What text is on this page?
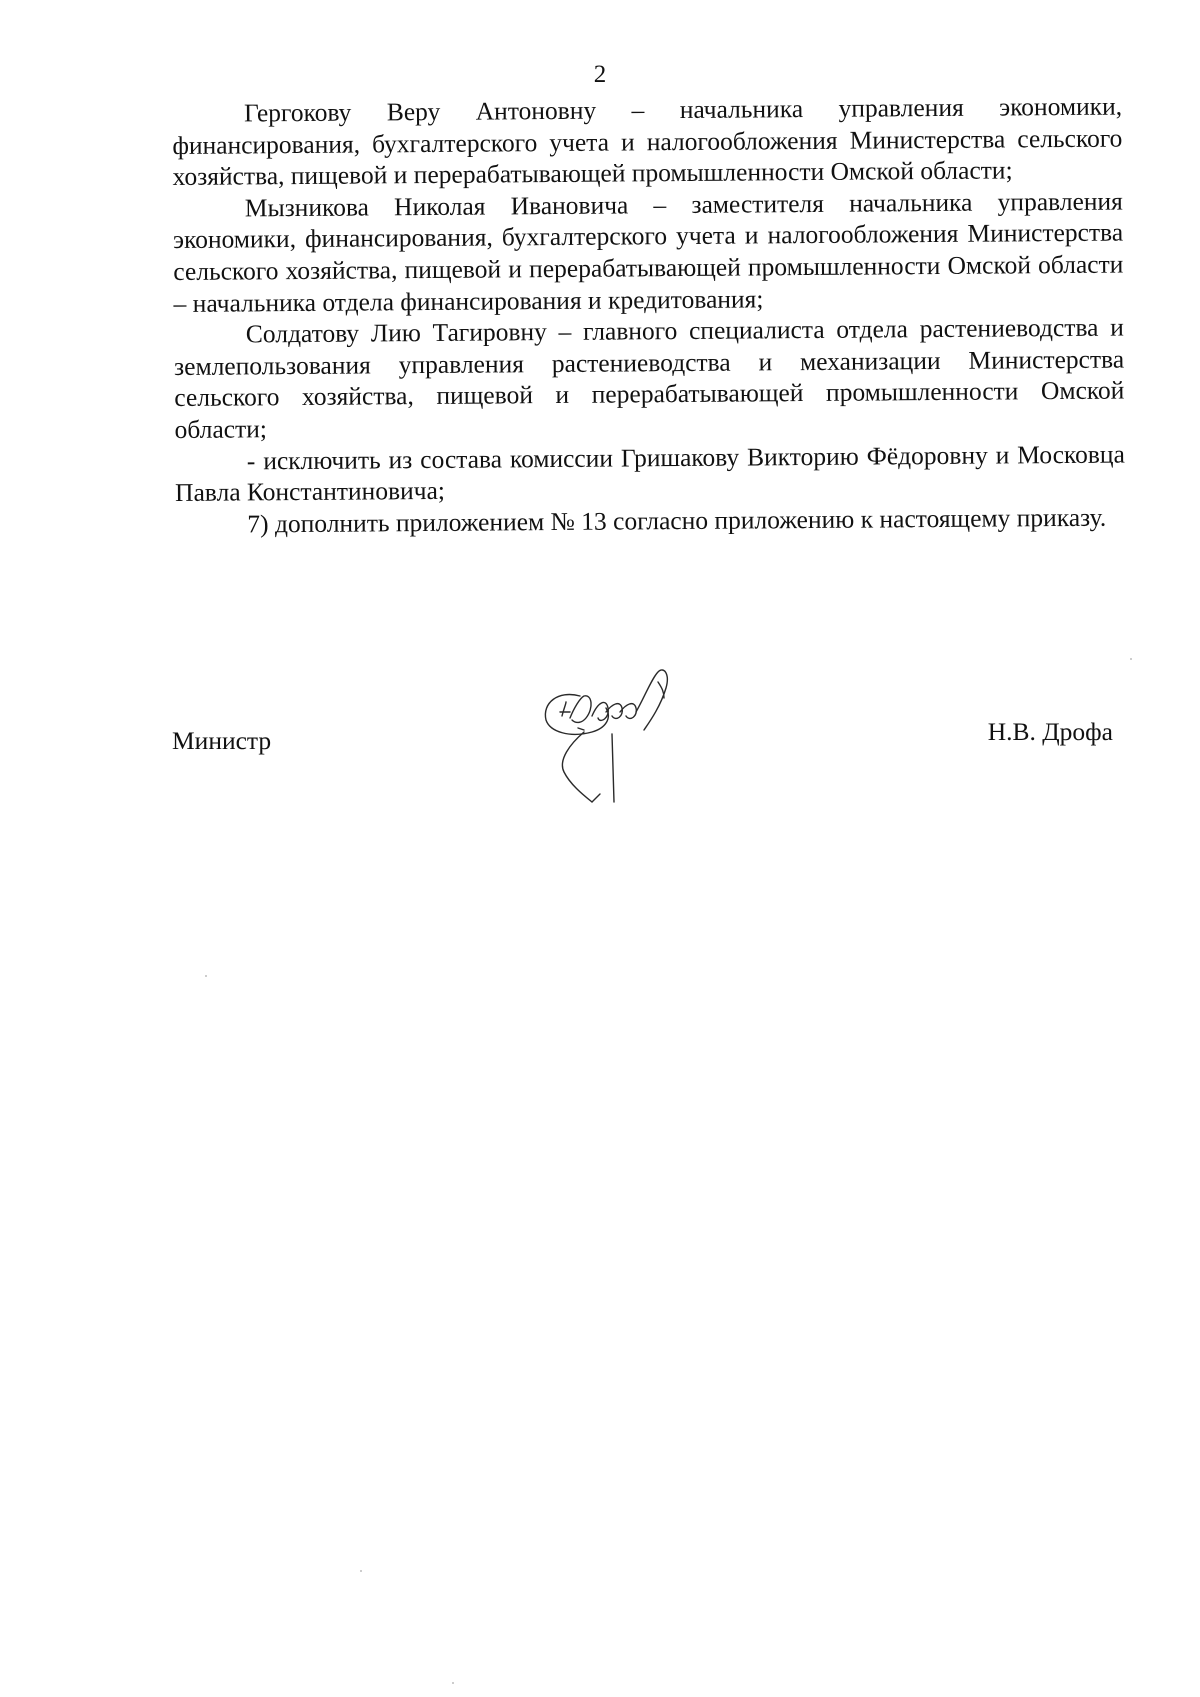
2

Гергокову Веру Антоновну – начальника управления экономики, финансирования, бухгалтерского учета и налогообложения Министерства сельского хозяйства, пищевой и перерабатывающей промышленности Омской области;

Мызникова Николая Ивановича – заместителя начальника управления экономики, финансирования, бухгалтерского учета и налогообложения Министерства сельского хозяйства, пищевой и перерабатывающей промышленности Омской области – начальника отдела финансирования и кредитования;

Солдатову Лию Тагировну – главного специалиста отдела растениеводства и землепользования управления растениеводства и механизации Министерства сельского хозяйства, пищевой и перерабатывающей промышленности Омской области;

- исключить из состава комиссии Гришакову Викторию Фёдоровну и Московца Павла Константиновича;

7) дополнить приложением № 13 согласно приложению к настоящему приказу.

Министр	Н.В. Дрофа
